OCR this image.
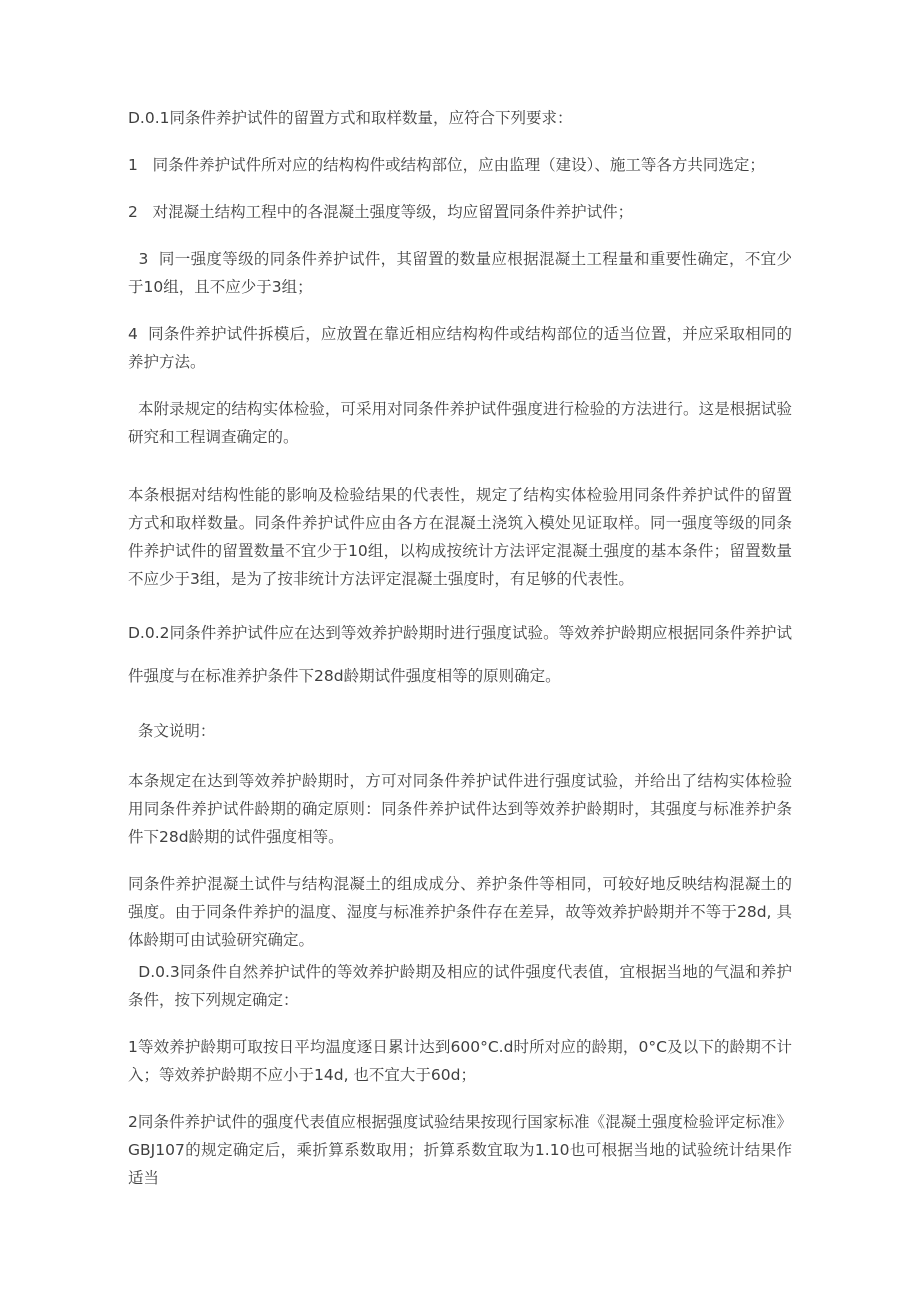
D.0.1同条件养护试件的留置方式和取样数量，应符合下列要求：

1   同条件养护试件所对应的结构构件或结构部位，应由监理（建设）、施工等各方共同选定；

2   对混凝土结构工程中的各混凝土强度等级，均应留置同条件养护试件；

3  同一强度等级的同条件养护试件，其留置的数量应根据混凝土工程量和重要性确定，不宜少于10组，且不应少于3组；

4  同条件养护试件拆模后，应放置在靠近相应结构构件或结构部位的适当位置，并应采取相同的养护方法。

本附录规定的结构实体检验，可采用对同条件养护试件强度进行检验的方法进行。这是根据试验研究和工程调查确定的。

本条根据对结构性能的影响及检验结果的代表性，规定了结构实体检验用同条件养护试件的留置方式和取样数量。同条件养护试件应由各方在混凝土浇筑入模处见证取样。同一强度等级的同条件养护试件的留置数量不宜少于10组，以构成按统计方法评定混凝土强度的基本条件；留置数量不应少于3组，是为了按非统计方法评定混凝土强度时，有足够的代表性。

D.0.2同条件养护试件应在达到等效养护龄期时进行强度试验。等效养护龄期应根据同条件养护试件强度与在标准养护条件下28d龄期试件强度相等的原则确定。

条文说明：

本条规定在达到等效养护龄期时，方可对同条件养护试件进行强度试验，并给出了结构实体检验用同条件养护试件龄期的确定原则：同条件养护试件达到等效养护龄期时，其强度与标准养护条件下28d龄期的试件强度相等。

同条件养护混凝土试件与结构混凝土的组成成分、养护条件等相同，可较好地反映结构混凝土的强度。由于同条件养护的温度、湿度与标准养护条件存在差异，故等效养护龄期并不等于28d, 具体龄期可由试验研究确定。

D.0.3同条件自然养护试件的等效养护龄期及相应的试件强度代表值，宜根据当地的气温和养护条件，按下列规定确定：

1等效养护龄期可取按日平均温度逐日累计达到600°C.d时所对应的龄期，0°C及以下的龄期不计入；等效养护龄期不应小于14d, 也不宜大于60d；

2同条件养护试件的强度代表值应根据强度试验结果按现行国家标准《混凝土强度检验评定标准》GBJ107的规定确定后，乘折算系数取用；折算系数宜取为1.10也可根据当地的试验统计结果作适当
